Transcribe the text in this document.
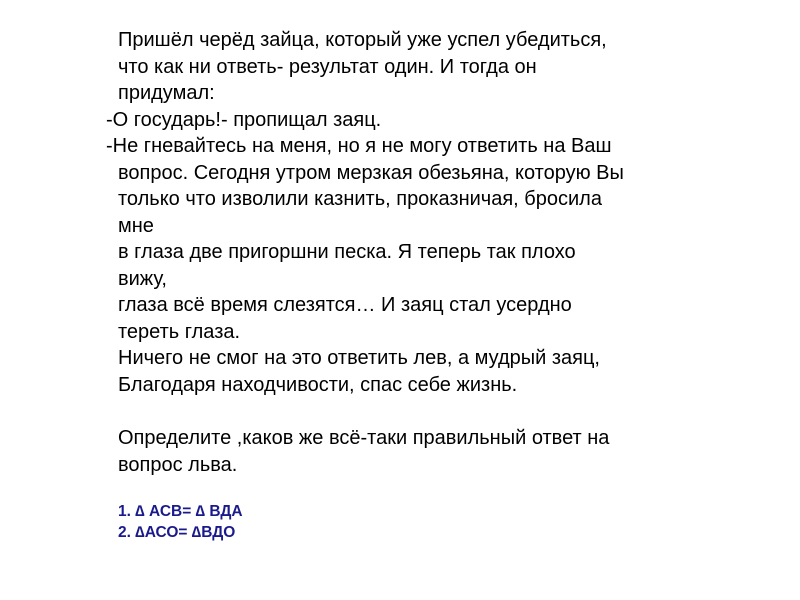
Пришёл черёд зайца, который уже успел убедиться,
что как ни ответь- результат один. И тогда он
придумал:
-О государь!- пропищал заяц.
-Не гневайтесь на меня, но я не могу ответить на Ваш
вопрос. Сегодня утром мерзкая обезьяна, которую Вы
только что изволили казнить, проказничая, бросила
мне
в глаза две пригоршни песка. Я теперь так плохо
вижу,
глаза всё время слезятся… И заяц стал усердно
тереть глаза.
Ничего не смог на это ответить лев, а мудрый заяц,
Благодаря находчивости, спас себе жизнь.
Определите ,каков же всё-таки правильный ответ на
вопрос льва.
1. ∆ АСВ= ∆ ВДА
2. ∆АСО= ∆ВДО
